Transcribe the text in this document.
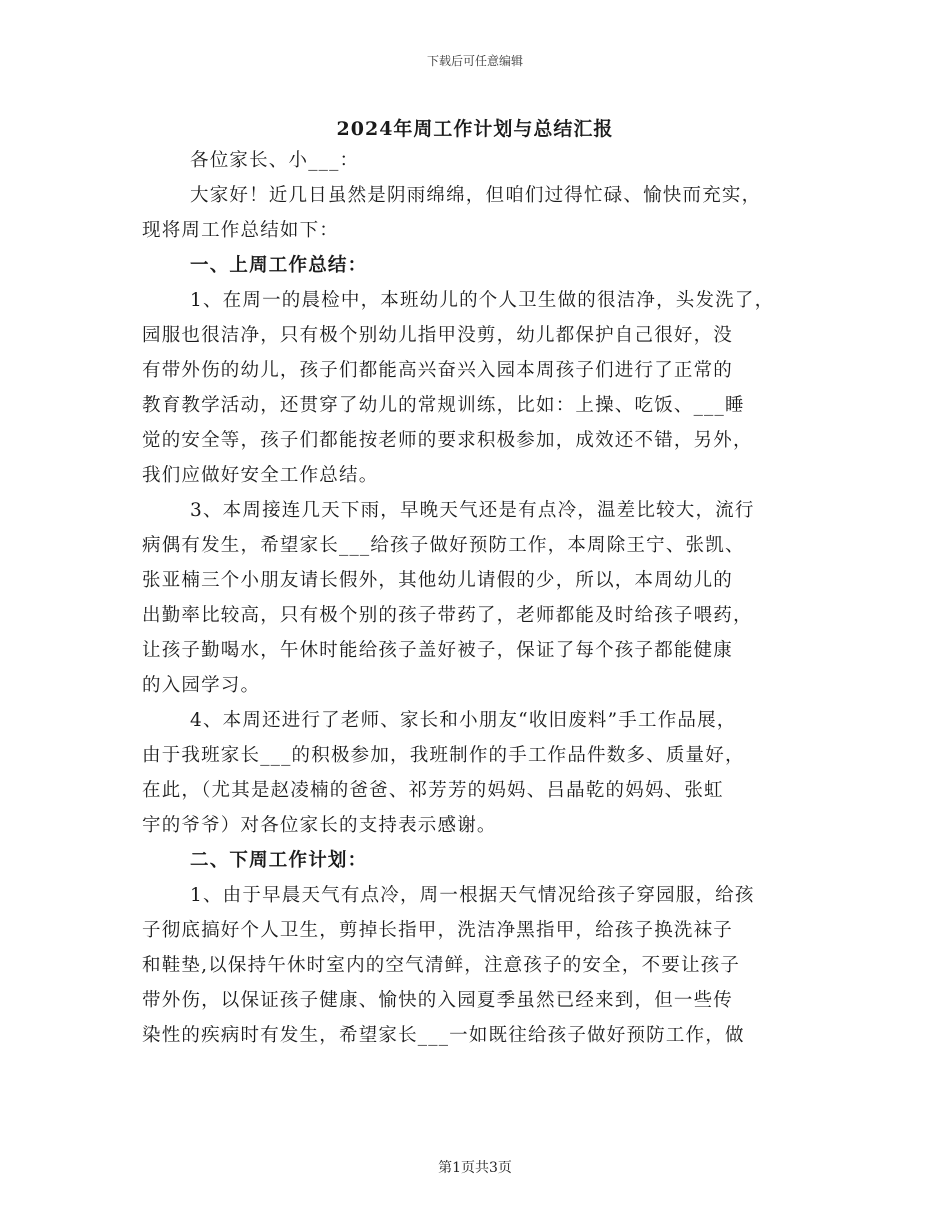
下载后可任意编辑
2024年周工作计划与总结汇报
各位家长、小___：
大家好！近几日虽然是阴雨绵绵，但咱们过得忙碌、愉快而充实，
现将周工作总结如下：
一、上周工作总结：
1、在周一的晨检中，本班幼儿的个人卫生做的很洁净，头发洗了，
园服也很洁净，只有极个别幼儿指甲没剪，幼儿都保护自己很好，没
有带外伤的幼儿，孩子们都能高兴奋兴入园本周孩子们进行了正常的
教育教学活动，还贯穿了幼儿的常规训练，比如：上操、吃饭、___睡
觉的安全等，孩子们都能按老师的要求积极参加，成效还不错，另外，
我们应做好安全工作总结。
3、本周接连几天下雨，早晚天气还是有点冷，温差比较大，流行
病偶有发生，希望家长___给孩子做好预防工作，本周除王宁、张凯、
张亚楠三个小朋友请长假外，其他幼儿请假的少，所以，本周幼儿的
出勤率比较高，只有极个别的孩子带药了，老师都能及时给孩子喂药，
让孩子勤喝水，午休时能给孩子盖好被子，保证了每个孩子都能健康
的入园学习。
4、本周还进行了老师、家长和小朋友“收旧废料”手工作品展，
由于我班家长___的积极参加，我班制作的手工作品件数多、质量好，
在此，（尤其是赵凌楠的爸爸、祁芳芳的妈妈、吕晶乾的妈妈、张虹
宇的爷爷）对各位家长的支持表示感谢。
二、下周工作计划：
1、由于早晨天气有点冷，周一根据天气情况给孩子穿园服，给孩
子彻底搞好个人卫生，剪掉长指甲，洗洁净黑指甲，给孩子换洗袜子
和鞋垫,以保持午休时室内的空气清鲜，注意孩子的安全，不要让孩子
带外伤，以保证孩子健康、愉快的入园夏季虽然已经来到，但一些传
染性的疾病时有发生，希望家长___一如既往给孩子做好预防工作，做
第1页共3页
